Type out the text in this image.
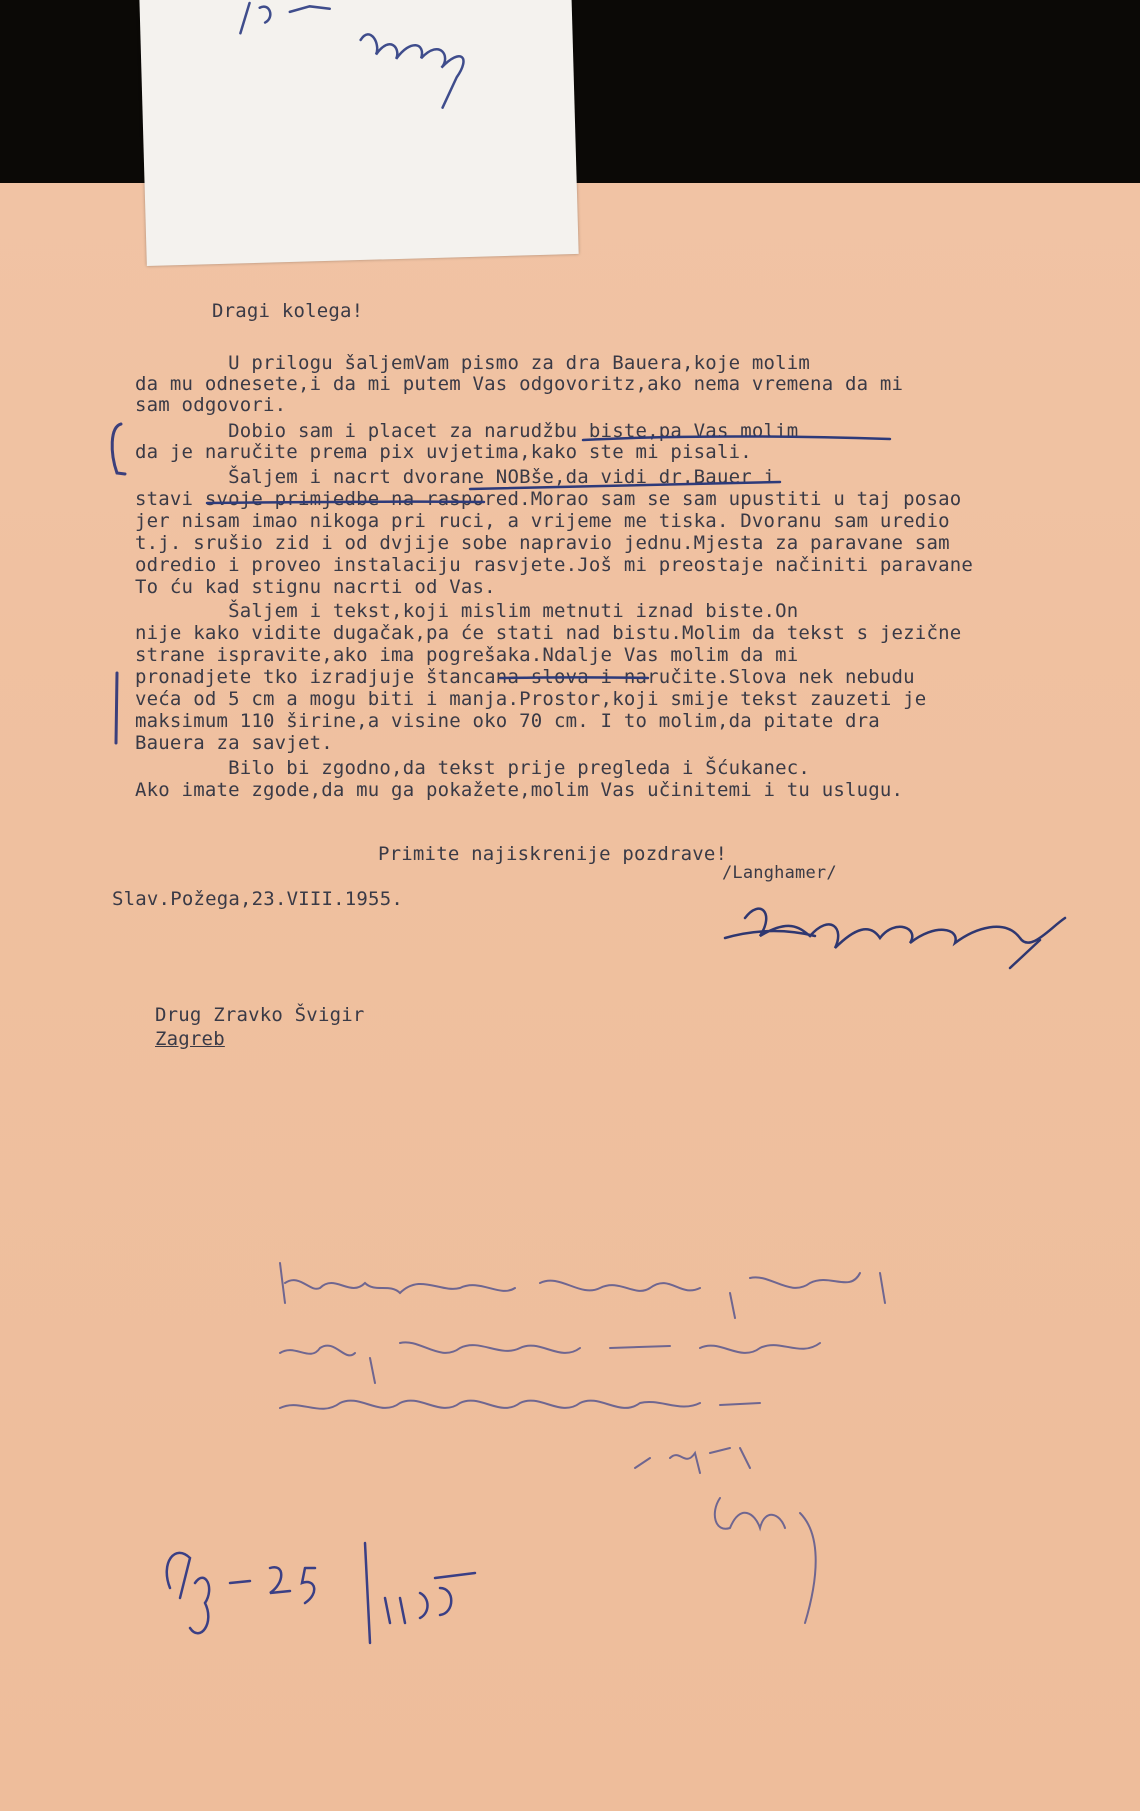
Dragi kolega!
U prilogu šaljemVam pismo za dra Bauera,koje molim
da mu odnesete,i da mi putem Vas odgovoritz,ako nema vremena da mi
sam odgovori.
Dobio sam i placet za narudžbu biste,pa Vas molim
da je naručite prema pix uvjetima,kako ste mi pisali.
Šaljem i nacrt dvorane NOBše,da vidi dr.Bauer i
stavi svoje primjedbe na raspored.Morao sam se sam upustiti u taj posao
jer nisam imao nikoga pri ruci, a vrijeme me tiska. Dvoranu sam uredio
t.j. srušio zid i od dvjije sobe napravio jednu.Mjesta za paravane sam
odredio i proveo instalaciju rasvjete.Još mi preostaje načiniti paravane
To ću kad stignu nacrti od Vas.
Šaljem i tekst,koji mislim metnuti iznad biste.On
nije kako vidite dugačak,pa će stati nad bistu.Molim da tekst s jezične
strane ispravite,ako ima pogrešaka.Ndalje Vas molim da mi
pronadjete tko izradjuje štancana slova i naručite.Slova nek nebudu
veća od 5 cm a mogu biti i manja.Prostor,koji smije tekst zauzeti je
maksimum 110 širine,a visine oko 70 cm. I to molim,da pitate dra
Bauera za savjet.
Bilo bi zgodno,da tekst prije pregleda i Šćukanec.
Ako imate zgode,da mu ga pokažete,molim Vas učinitemi i tu uslugu.
Primite najiskrenije pozdrave!
Slav.Požega,23.VIII.1955.
/Langhamer/
Drug Zravko Švigir
Zagreb
